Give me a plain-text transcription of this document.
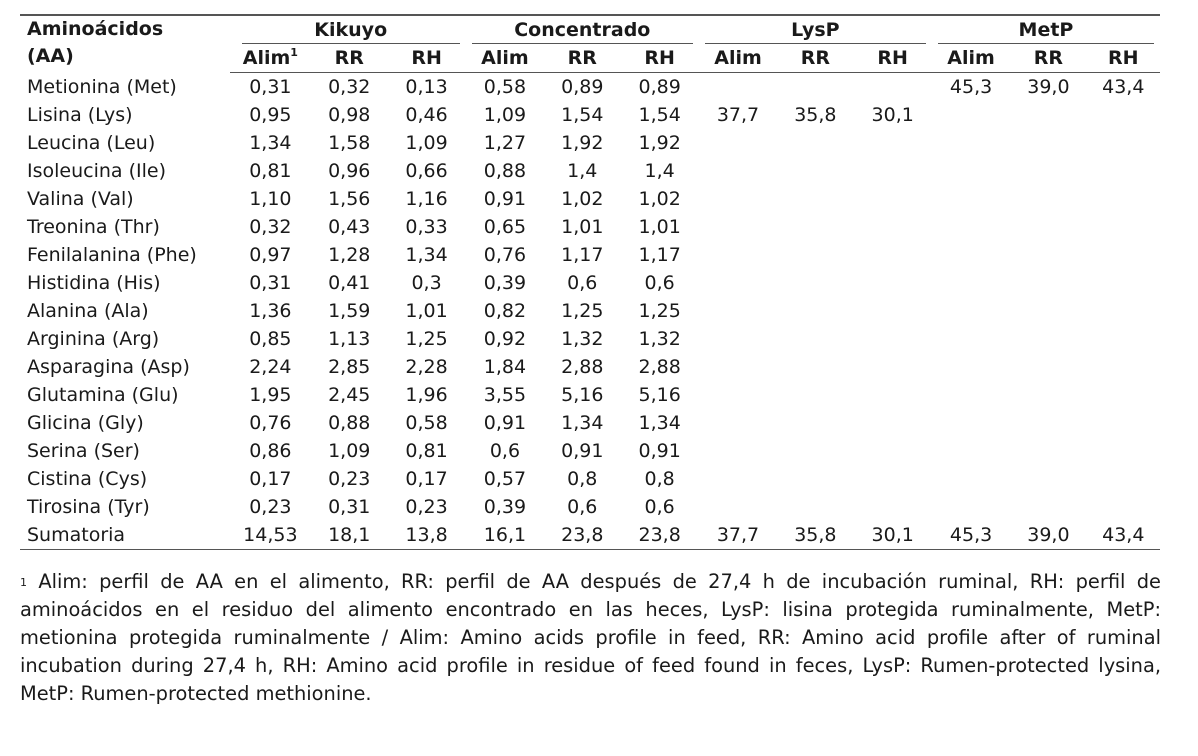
Aminoácidos
(AA)	Kikuyo			Concentrado			LysP			MetP		

	Alim$^1$	RR	RH	Alim	RR	RH	Alim	RR	RH	Alim	RR	RH
Metionina (Met)	0,31	0,32	0,13	0,58	0,89	0,89				45,3	39,0	43,4
Lisina (Lys)	0,95	0,98	0,46	1,09	1,54	1,54	37,7	35,8	30,1			
Leucina (Leu)	1,34	1,58	1,09	1,27	1,92	1,92						
Isoleucina (Ile)	0,81	0,96	0,66	0,88	1,4	1,4						
Valina (Val)	1,10	1,56	1,16	0,91	1,02	1,02						
Treonina (Thr)	0,32	0,43	0,33	0,65	1,01	1,01						
Fenilalanina (Phe)	0,97	1,28	1,34	0,76	1,17	1,17						
Histidina (His)	0,31	0,41	0,3	0,39	0,6	0,6						
Alanina (Ala)	1,36	1,59	1,01	0,82	1,25	1,25						
Arginina (Arg)	0,85	1,13	1,25	0,92	1,32	1,32						
Asparagina (Asp)	2,24	2,85	2,28	1,84	2,88	2,88						
Glutamina (Glu)	1,95	2,45	1,96	3,55	5,16	5,16						
Glicina (Gly)	0,76	0,88	0,58	0,91	1,34	1,34						
Serina (Ser)	0,86	1,09	0,81	0,6	0,91	0,91						
Cistina (Cys)	0,17	0,23	0,17	0,57	0,8	0,8						
Tirosina (Tyr)	0,23	0,31	0,23	0,39	0,6	0,6						
Sumatoria	14,53	18,1	13,8	16,1	23,8	23,8	37,7	35,8	30,1	45,3	39,0	43,4
$^1$ Alim: perfil de AA en el alimento, RR: perfil de AA después de 27,4 h de incubación ruminal, RH: perfil de aminoácidos en el residuo del alimento encontrado en las heces, LysP: lisina protegida ruminalmente, MetP: metionina protegida ruminalmente / Alim: Amino acids profile in feed, RR: Amino acid profile after of ruminal incubation during 27,4 h, RH: Amino acid profile in residue of feed found in feces, LysP: Rumen-protected lysina, MetP: Rumen-protected methionine.
